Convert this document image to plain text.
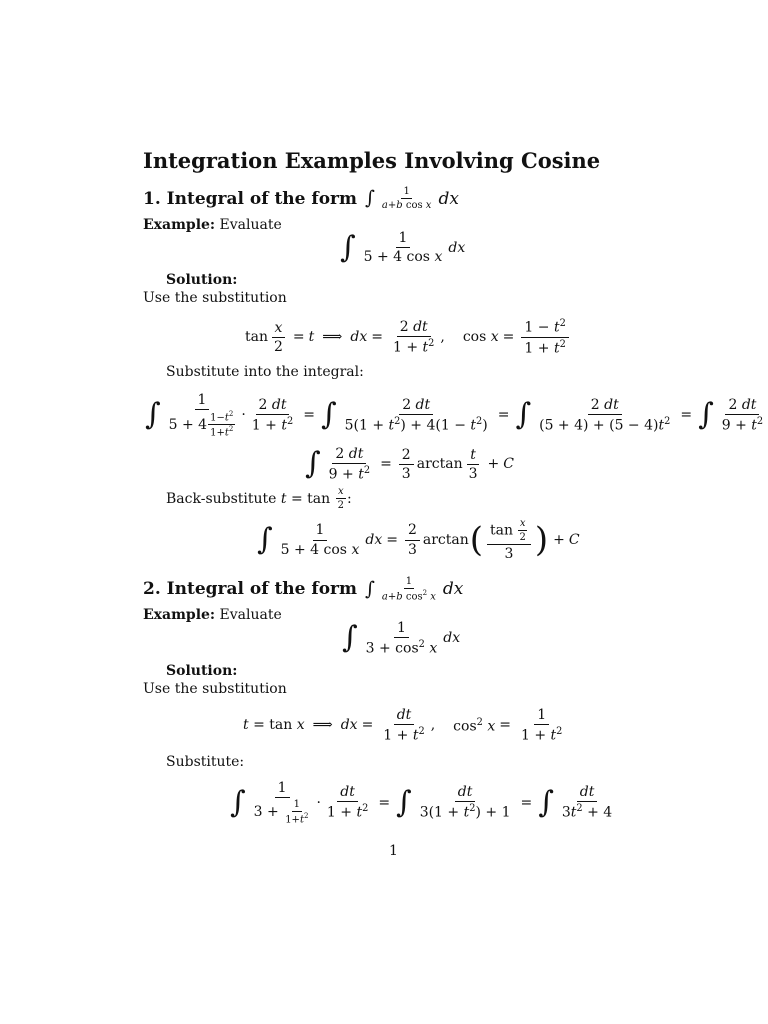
Integration Examples Involving Cosine
1. Integral of the form ∫ $\frac{1}{\text{a+b cos x}}$ dx
Example: Evaluate
∫ $\frac{1}{\text{5 + 4 cos x}}$ dx
Solution:
Use the substitution
$\tan \frac{x}{2} = t$ ⟹ dx = $\frac{2 dt}{1 + t^2}$ , $\cos x = \frac{1 - t^2}{1 + t^2}$
Substitute into the integral:
∫ $\frac{1}{5 + 4 \frac{1-t^2}{1+t^2}} \cdot \frac{2 dt}{1 + t^2}$ = ∫ $\frac{2 dt}{5(1 + t^2) + 4(1 - t^2)}$ = ∫ $\frac{2 dt}{(5 + 4) + (5 - 4)t^2}$ = ∫ $\frac{2 dt}{9 + t^2}$
∫ $\frac{2 dt}{9 + t^2} = \frac{2}{3}$ $\arctan \frac{t}{3} + C$
Back-substitute $t = \tan \frac{x}{2}$ :
∫ $\frac{1}{\text{5 + 4 cos x}}$ dx = $\frac{2}{3}$ arctan ( $\frac{\tan \frac{x}{2}}{3}$ ) + C
2. Integral of the form ∫ $\frac{1}{a+b \cos^2 x}$ dx
Example: Evaluate
∫ $\frac{1}{3 + \cos^2 x}$ dx
Solution:
Use the substitution
t = tan x ⟹ dx = $\frac{dt}{1 + t^2}$ , $\cos^2 x = \frac{1}{1 + t^2}$
Substitute:
∫ $\frac{1}{3 + \frac{1}{1+t^2}} \cdot \frac{dt}{1 + t^2}$ = ∫ $\frac{dt}{3(1 + t^2) + 1}$ = ∫ $\frac{dt}{3t^2 + 4}$
1
